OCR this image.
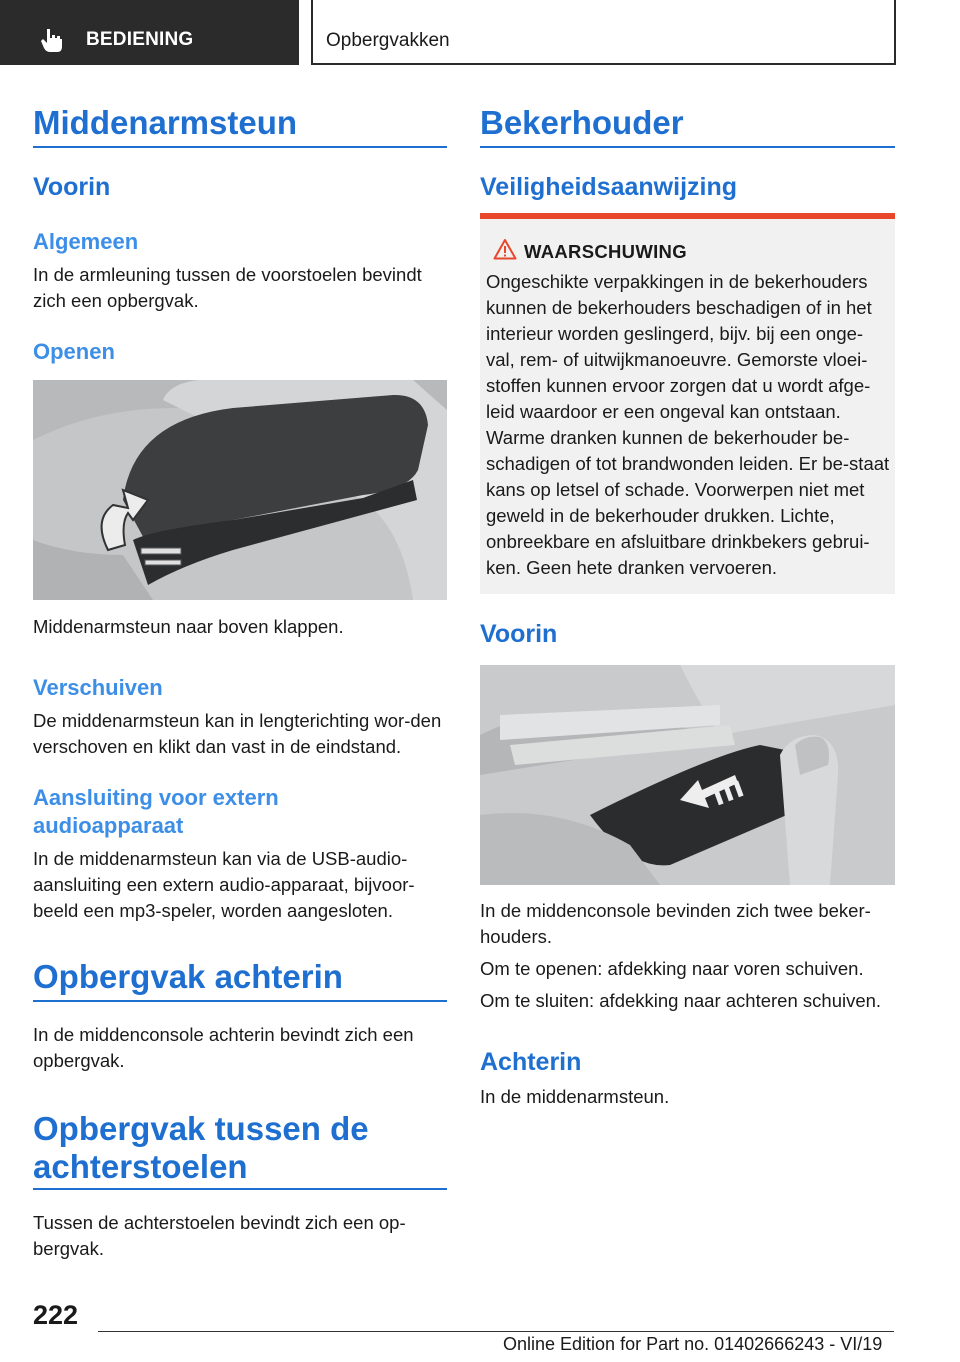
BEDIENING	Opbergvakken
Middenarmsteun
Voorin
Algemeen
In de armleuning tussen de voorstoelen bevindt zich een opbergvak.
Openen
Middenarmsteun naar boven klappen.
Verschuiven
De middenarmsteun kan in lengterichting wor-den verschoven en klikt dan vast in de eindstand.
Aansluiting voor extern audioapparaat
In de middenarmsteun kan via de USB-audio-aansluiting een extern audio-apparaat, bijvoor-beeld een mp3-speler, worden aangesloten.
Opbergvak achterin
In de middenconsole achterin bevindt zich een opbergvak.
Opbergvak tussen de achterstoelen
Tussen de achterstoelen bevindt zich een op-bergvak.
Bekerhouder
Veiligheidsaanwijzing
WAARSCHUWING
Ongeschikte verpakkingen in de bekerhouders kunnen de bekerhouders beschadigen of in het interieur worden geslingerd, bijv. bij een onge-val, rem- of uitwijkmanoeuvre. Gemorste vloei-stoffen kunnen ervoor zorgen dat u wordt afge-leid waardoor er een ongeval kan ontstaan. Warme dranken kunnen de bekerhouder be-schadigen of tot brandwonden leiden. Er be-staat kans op letsel of schade. Voorwerpen niet met geweld in de bekerhouder drukken. Lichte, onbreekbare en afsluitbare drinkbekers gebrui-ken. Geen hete dranken vervoeren.
Voorin
In de middenconsole bevinden zich twee beker-houders.
Om te openen: afdekking naar voren schuiven.
Om te sluiten: afdekking naar achteren schuiven.
Achterin
In de middenarmsteun.
222
Online Edition for Part no. 01402666243 - VI/19
